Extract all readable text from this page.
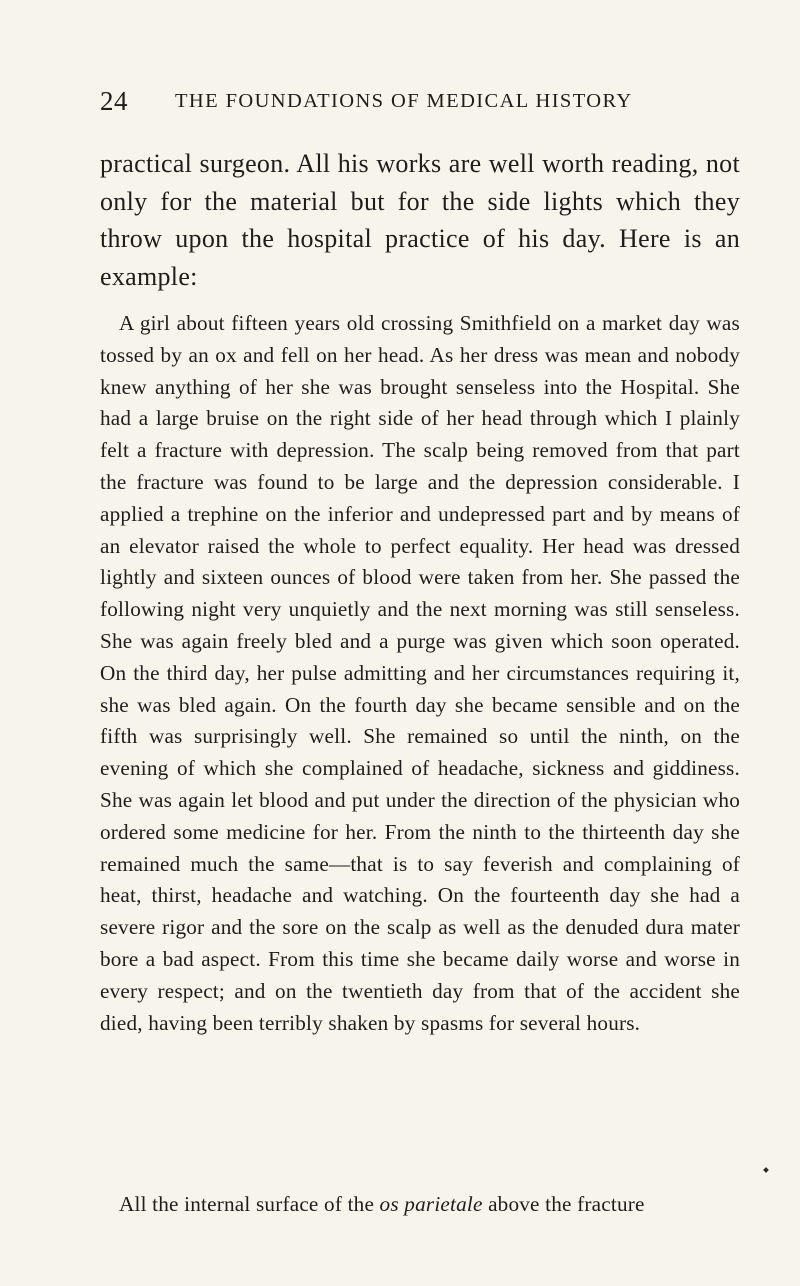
24 THE FOUNDATIONS OF MEDICAL HISTORY

practical surgeon. All his works are well worth reading, not only for the material but for the side lights which they throw upon the hospital practice of his day. Here is an example:

A girl about fifteen years old crossing Smithfield on a market day was tossed by an ox and fell on her head. As her dress was mean and nobody knew anything of her she was brought senseless into the Hospital. She had a large bruise on the right side of her head through which I plainly felt a fracture with depression. The scalp being removed from that part the fracture was found to be large and the depression considerable. I applied a trephine on the inferior and undepressed part and by means of an elevator raised the whole to perfect equality. Her head was dressed lightly and sixteen ounces of blood were taken from her. She passed the following night very unquietly and the next morning was still senseless. She was again freely bled and a purge was given which soon operated. On the third day, her pulse admitting and her circumstances requiring it, she was bled again. On the fourth day she became sensible and on the fifth was surprisingly well. She remained so until the ninth, on the evening of which she complained of headache, sickness and giddiness. She was again let blood and put under the direction of the physician who ordered some medicine for her. From the ninth to the thirteenth day she remained much the same—that is to say feverish and complaining of heat, thirst, headache and watching. On the fourteenth day she had a severe rigor and the sore on the scalp as well as the denuded dura mater bore a bad aspect. From this time she became daily worse and worse in every respect; and on the twentieth day from that of the accident she died, having been terribly shaken by spasms for several hours.

All the internal surface of the os parietale above the fracture
